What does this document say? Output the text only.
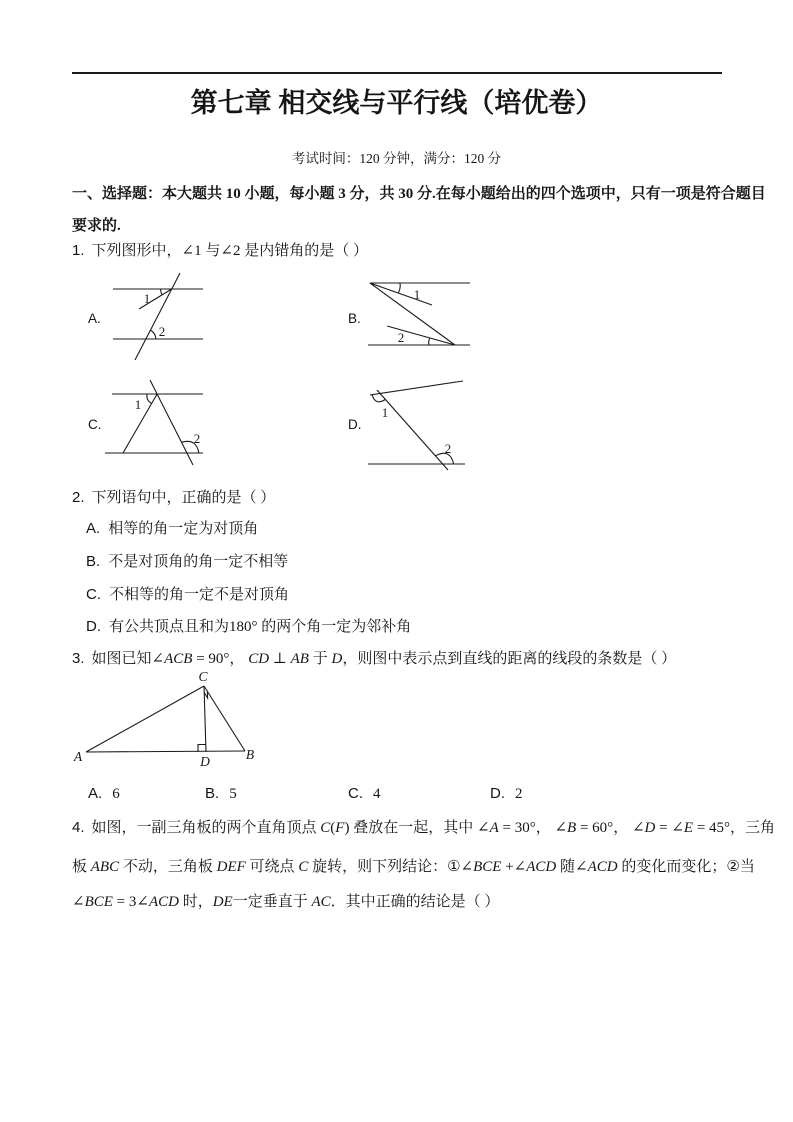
第七章 相交线与平行线（培优卷）
考试时间：120 分钟，满分：120 分
一、选择题：本大题共 10 小题，每小题 3 分，共 30 分.在每小题给出的四个选项中，只有一项是符合题目
要求的.
1. 下列图形中，∠1 与∠2 是内错角的是（ ）
A.
1
2
B.
1
2
C.
1
2
D.
1
2
2. 下列语句中，正确的是（ ）
A. 相等的角一定为对顶角
B. 不是对顶角的角一定不相等
C. 不相等的角一定不是对顶角
D. 有公共顶点且和为180° 的两个角一定为邻补角
3. 如图已知∠ACB = 90°， CD ⊥ AB 于 D，则图中表示点到直线的距离的线段的条数是（ ）
C
A	B
D
A. 6	B. 5	C. 4	D. 2
4. 如图，一副三角板的两个直角顶点 C(F) 叠放在一起，其中 ∠A = 30°， ∠B = 60°， ∠D = ∠E = 45°，三角
板 ABC 不动，三角板 DEF 可绕点 C 旋转，则下列结论：①∠BCE +∠ACD 随∠ACD 的变化而变化；②当
∠BCE = 3∠ACD 时，DE一定垂直于 AC．其中正确的结论是（ ）
